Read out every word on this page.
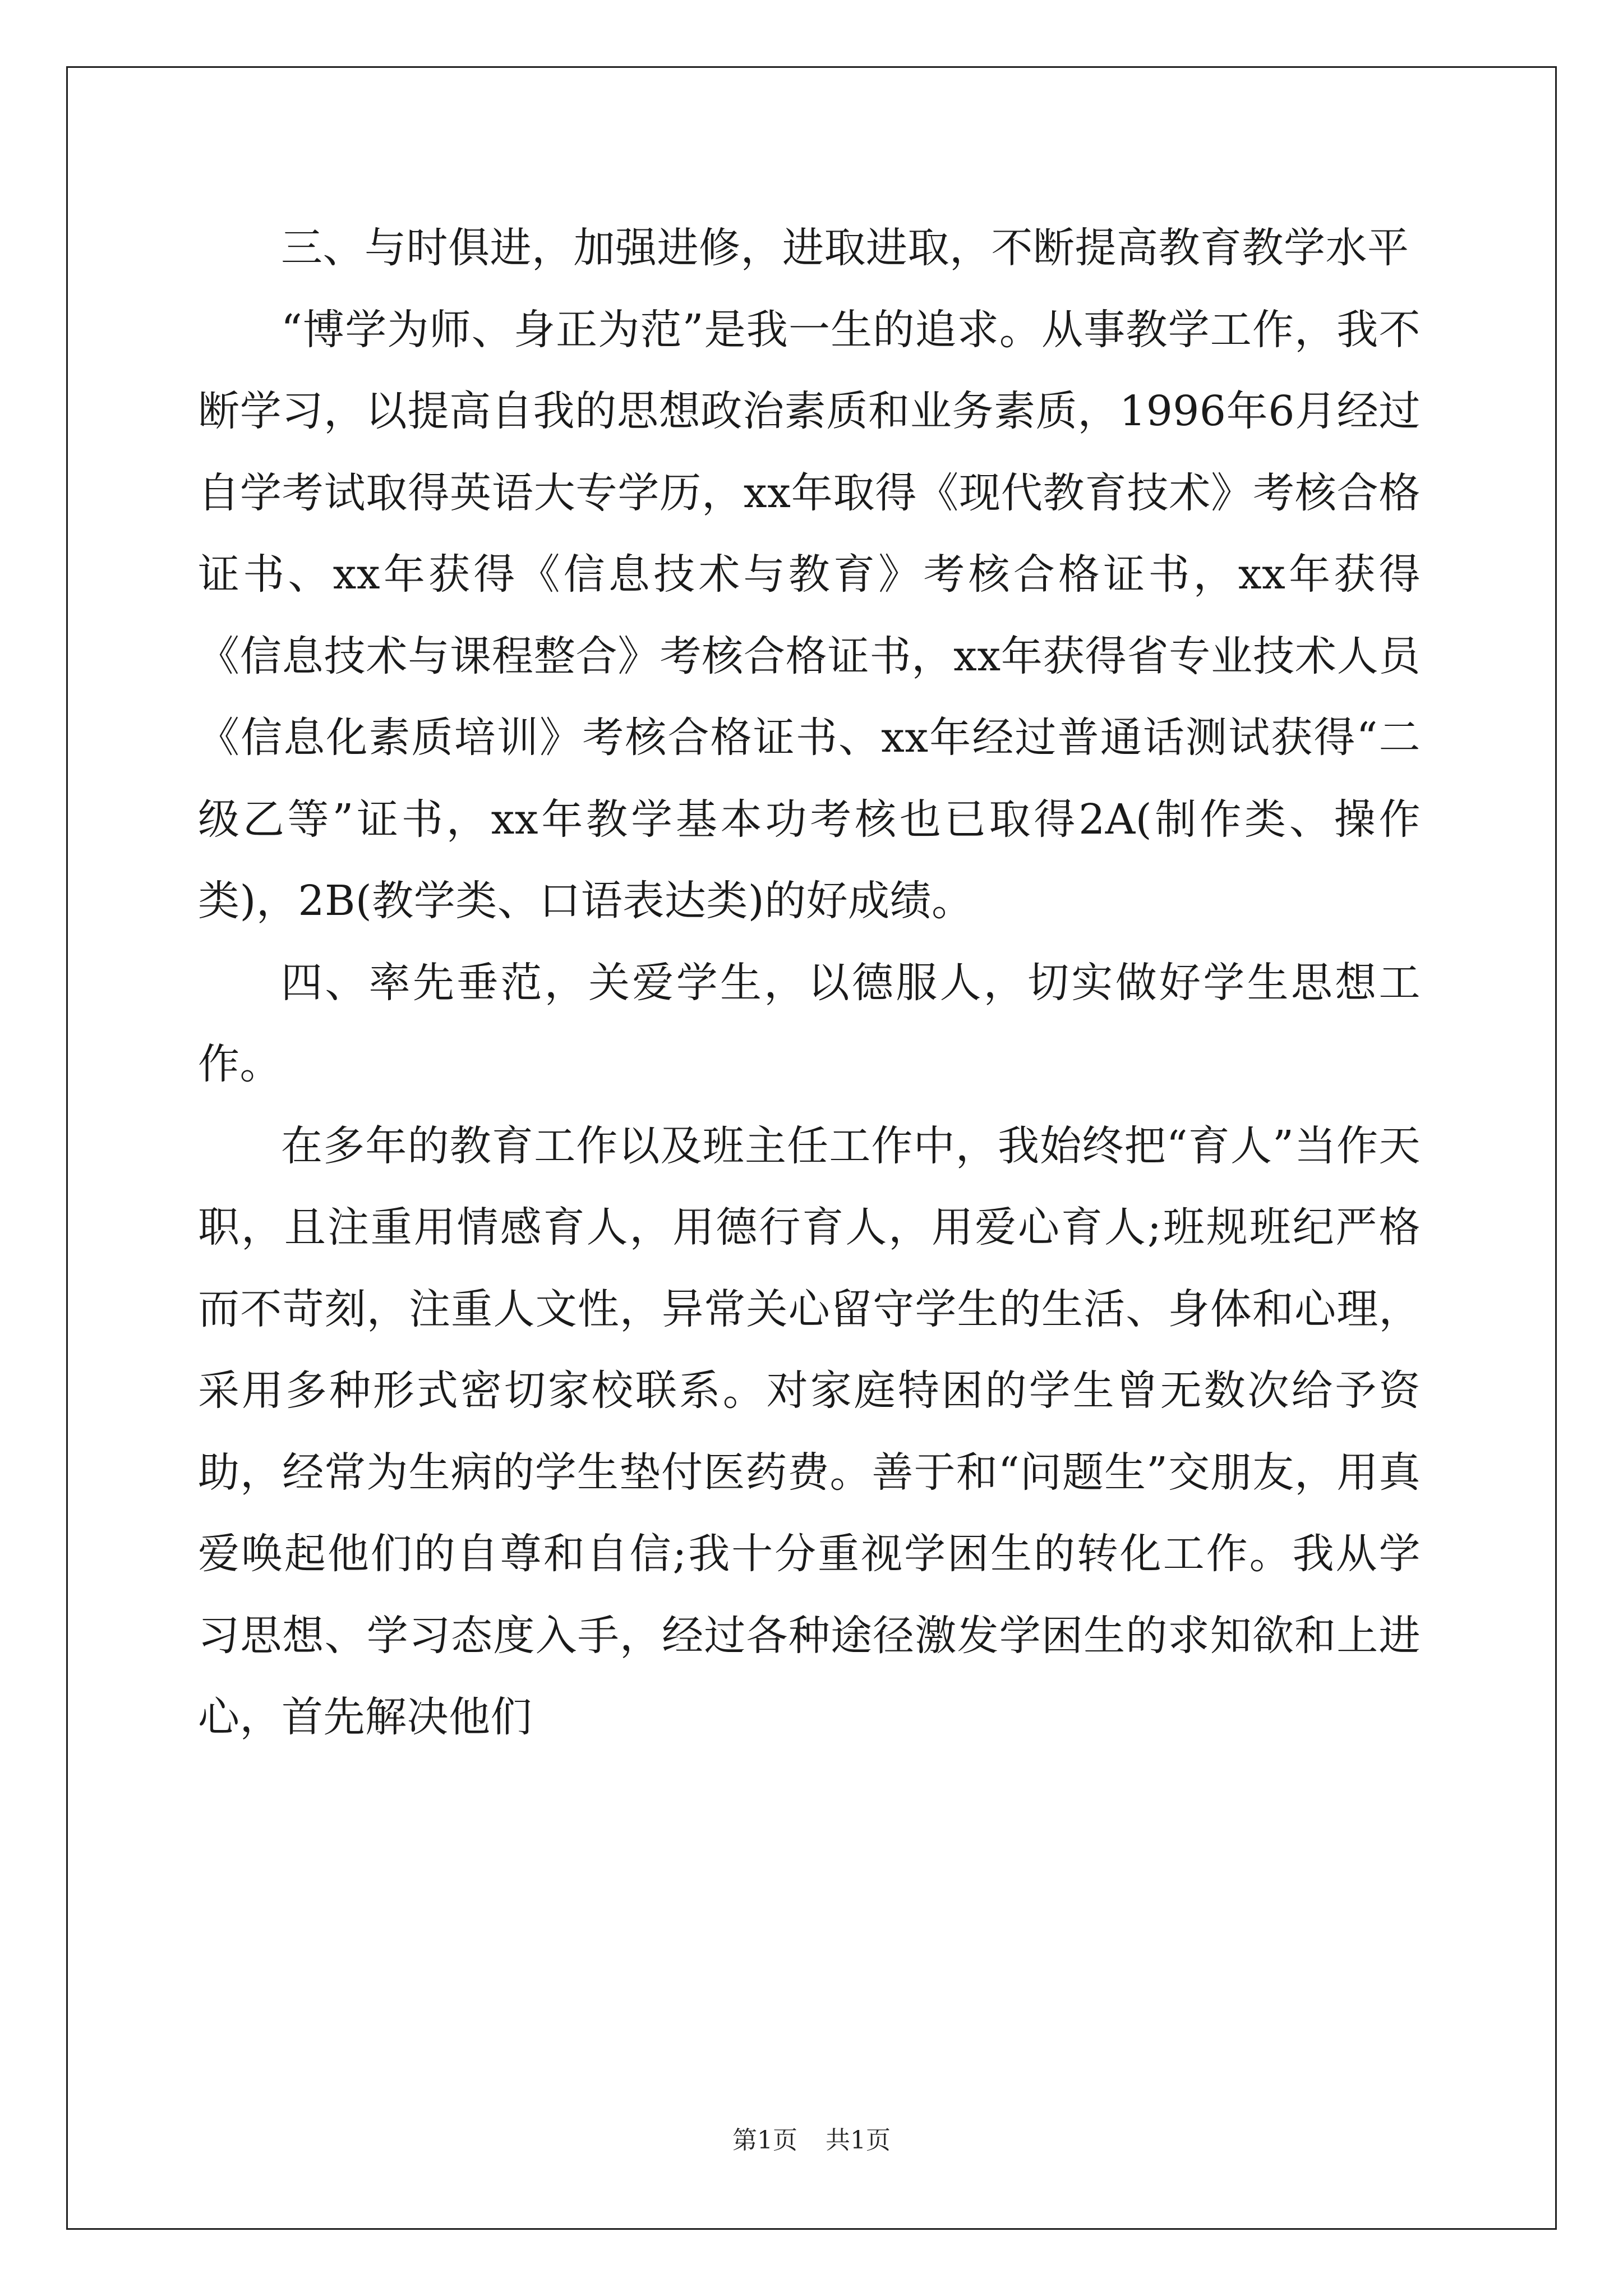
三、与时俱进，加强进修，进取进取，不断提高教育教学水平

“博学为师、身正为范”是我一生的追求。从事教学工作，我不断学习，以提高自我的思想政治素质和业务素质，1996年6月经过自学考试取得英语大专学历，xx年取得《现代教育技术》考核合格证书、xx年获得《信息技术与教育》考核合格证书，xx年获得《信息技术与课程整合》考核合格证书，xx年获得省专业技术人员《信息化素质培训》考核合格证书、xx年经过普通话测试获得“二级乙等”证书，xx年教学基本功考核也已取得2A(制作类、操作类)，2B(教学类、口语表达类)的好成绩。

四、率先垂范，关爱学生，以德服人，切实做好学生思想工作。

在多年的教育工作以及班主任工作中，我始终把“育人”当作天职，且注重用情感育人，用德行育人，用爱心育人;班规班纪严格而不苛刻，注重人文性，异常关心留守学生的生活、身体和心理，采用多种形式密切家校联系。对家庭特困的学生曾无数次给予资助，经常为生病的学生垫付医药费。善于和“问题生”交朋友，用真爱唤起他们的自尊和自信;我十分重视学困生的转化工作。我从学习思想、学习态度入手，经过各种途径激发学困生的求知欲和上进心，首先解决他们

第1页 共1页
